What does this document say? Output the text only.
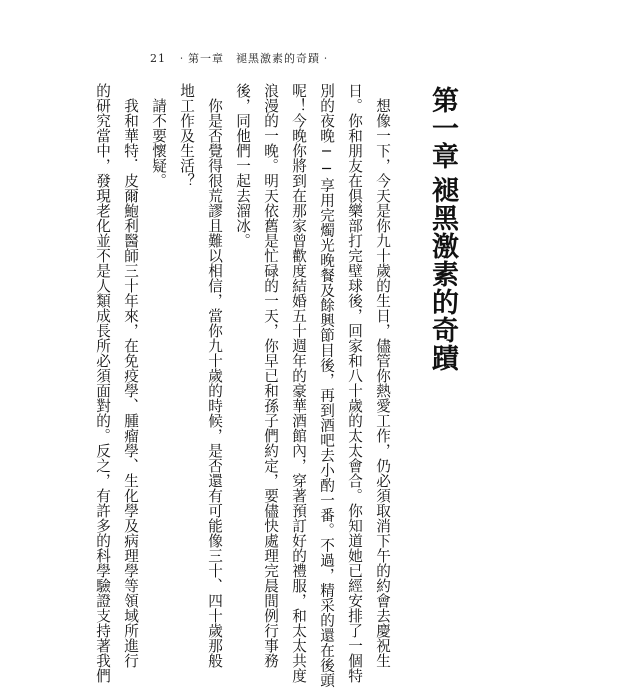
21 ‧第一章　褪黑激素的奇蹟‧
第一章
褪黑激素的奇蹟
　想像一下，今天是你九十歲的生日，儘管你熱愛工作，仍必須取消下午的約會去慶祝生
日。你和朋友在俱樂部打完壁球後，回家和八十歲的太太會合。你知道她已經安排了一個特
別的夜晚──享用完燭光晚餐及餘興節目後，再到酒吧去小酌一番。不過，精采的還在後頭
呢！今晚你將到在那家曾歡度結婚五十週年的豪華酒館內，穿著預訂好的禮服，和太太共度
浪漫的一晚。明天依舊是忙碌的一天，你早已和孫子們約定，要儘快處理完晨間例行事務
後，同他們一起去溜冰。
　你是否覺得很荒謬且難以相信，當你九十歲的時候，是否還有可能像三十、四十歲那般
地工作及生活？
　請不要懷疑。
　我和華特．皮爾鮑利醫師三十年來，在免疫學、腫瘤學、生化學及病理學等領域所進行
的研究當中，發現老化並不是人類成長所必須面對的。反之，有許多的科學驗證支持著我們
